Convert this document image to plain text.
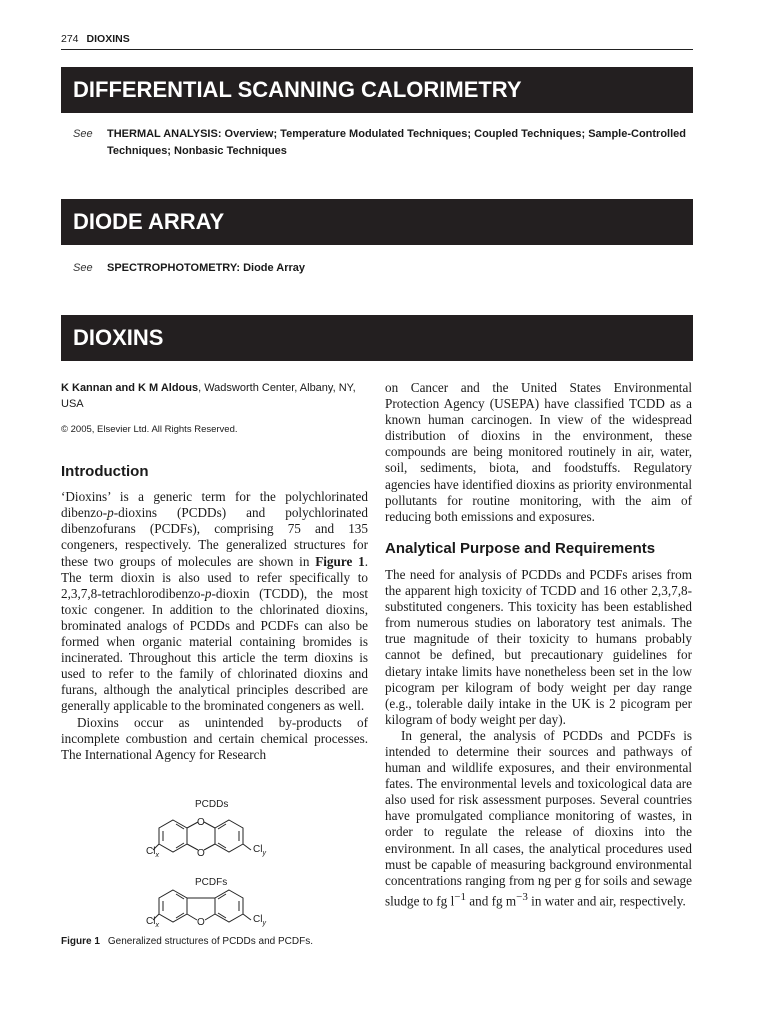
274 DIOXINS
DIFFERENTIAL SCANNING CALORIMETRY
See	THERMAL ANALYSIS: Overview; Temperature Modulated Techniques; Coupled Techniques; Sample-Controlled Techniques; Nonbasic Techniques
DIODE ARRAY
See	SPECTROPHOTOMETRY: Diode Array
DIOXINS
K Kannan and K M Aldous, Wadsworth Center, Albany, NY, USA
© 2005, Elsevier Ltd. All Rights Reserved.
Introduction

‘Dioxins’ is a generic term for the polychlorinated dibenzo-p-dioxins (PCDDs) and polychlorinated dibenzofurans (PCDFs), comprising 75 and 135 congeners, respectively. The generalized structures for these two groups of molecules are shown in Figure 1. The term dioxin is also used to refer specifically to 2,3,7,8-tetrachlorodibenzo-p-dioxin (TCDD), the most toxic congener. In addition to the chlorinated dioxins, brominated analogs of PCDDs and PCDFs can also be formed when organic material containing bromides is incinerated. Throughout this article the term dioxins is used to refer to the family of chlorinated dioxins and furans, although the analytical principles described are generally applicable to the brominated congeners as well.

Dioxins occur as unintended by-products of incomplete combustion and certain chemical processes. The International Agency for Research

PCDDs
O
O
$Cl_x$
$Cl_y$
PCDFs
O
$Cl_x$
$Cl_y$
Figure 1 Generalized structures of PCDDs and PCDFs.

on Cancer and the United States Environmental Protection Agency (USEPA) have classified TCDD as a known human carcinogen. In view of the widespread distribution of dioxins in the environment, these compounds are being monitored routinely in air, water, soil, sediments, biota, and foodstuffs. Regulatory agencies have identified dioxins as priority environmental pollutants for routine monitoring, with the aim of reducing both emissions and exposures.

Analytical Purpose and Requirements

The need for analysis of PCDDs and PCDFs arises from the apparent high toxicity of TCDD and 16 other 2,3,7,8-substituted congeners. This toxicity has been established from numerous studies on laboratory test animals. The true magnitude of their toxicity to humans probably cannot be defined, but precautionary guidelines for dietary intake limits have nonetheless been set in the low picogram per kilogram of body weight per day range (e.g., tolerable daily intake in the UK is 2 picogram per kilogram of body weight per day).

In general, the analysis of PCDDs and PCDFs is intended to determine their sources and pathways of human and wildlife exposures, and their environmental fates. The environmental levels and toxicological data are also used for risk assessment purposes. Several countries have promulgated compliance monitoring of wastes, in order to regulate the release of dioxins into the environment. In all cases, the analytical procedures used must be capable of measuring background environmental concentrations ranging from ng per g for soils and sewage sludge to fg $l^{-1}$ and fg $m^{-3}$ in water and air, respectively.
